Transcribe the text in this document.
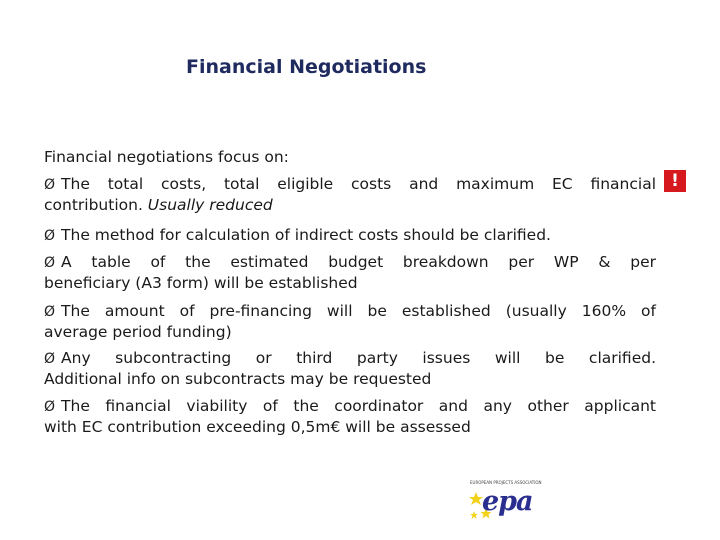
Financial Negotiations
Financial negotiations focus on:
!
Ø The total costs, total eligible costs and maximum EC financial
contribution. Usually reduced
Ø The method for calculation of indirect costs should be clarified.
Ø A table of the estimated budget breakdown per WP & per
beneficiary (A3 form) will be established
Ø The amount of pre-financing will be established (usually 160% of
average period funding)
Ø Any subcontracting or third party issues will be clarified.
Additional info on subcontracts may be requested
Ø The financial viability of the coordinator and any other applicant
with EC contribution exceeding 0,5m€ will be assessed
EUROPEAN PROJECTS ASSOCIATION
epa
